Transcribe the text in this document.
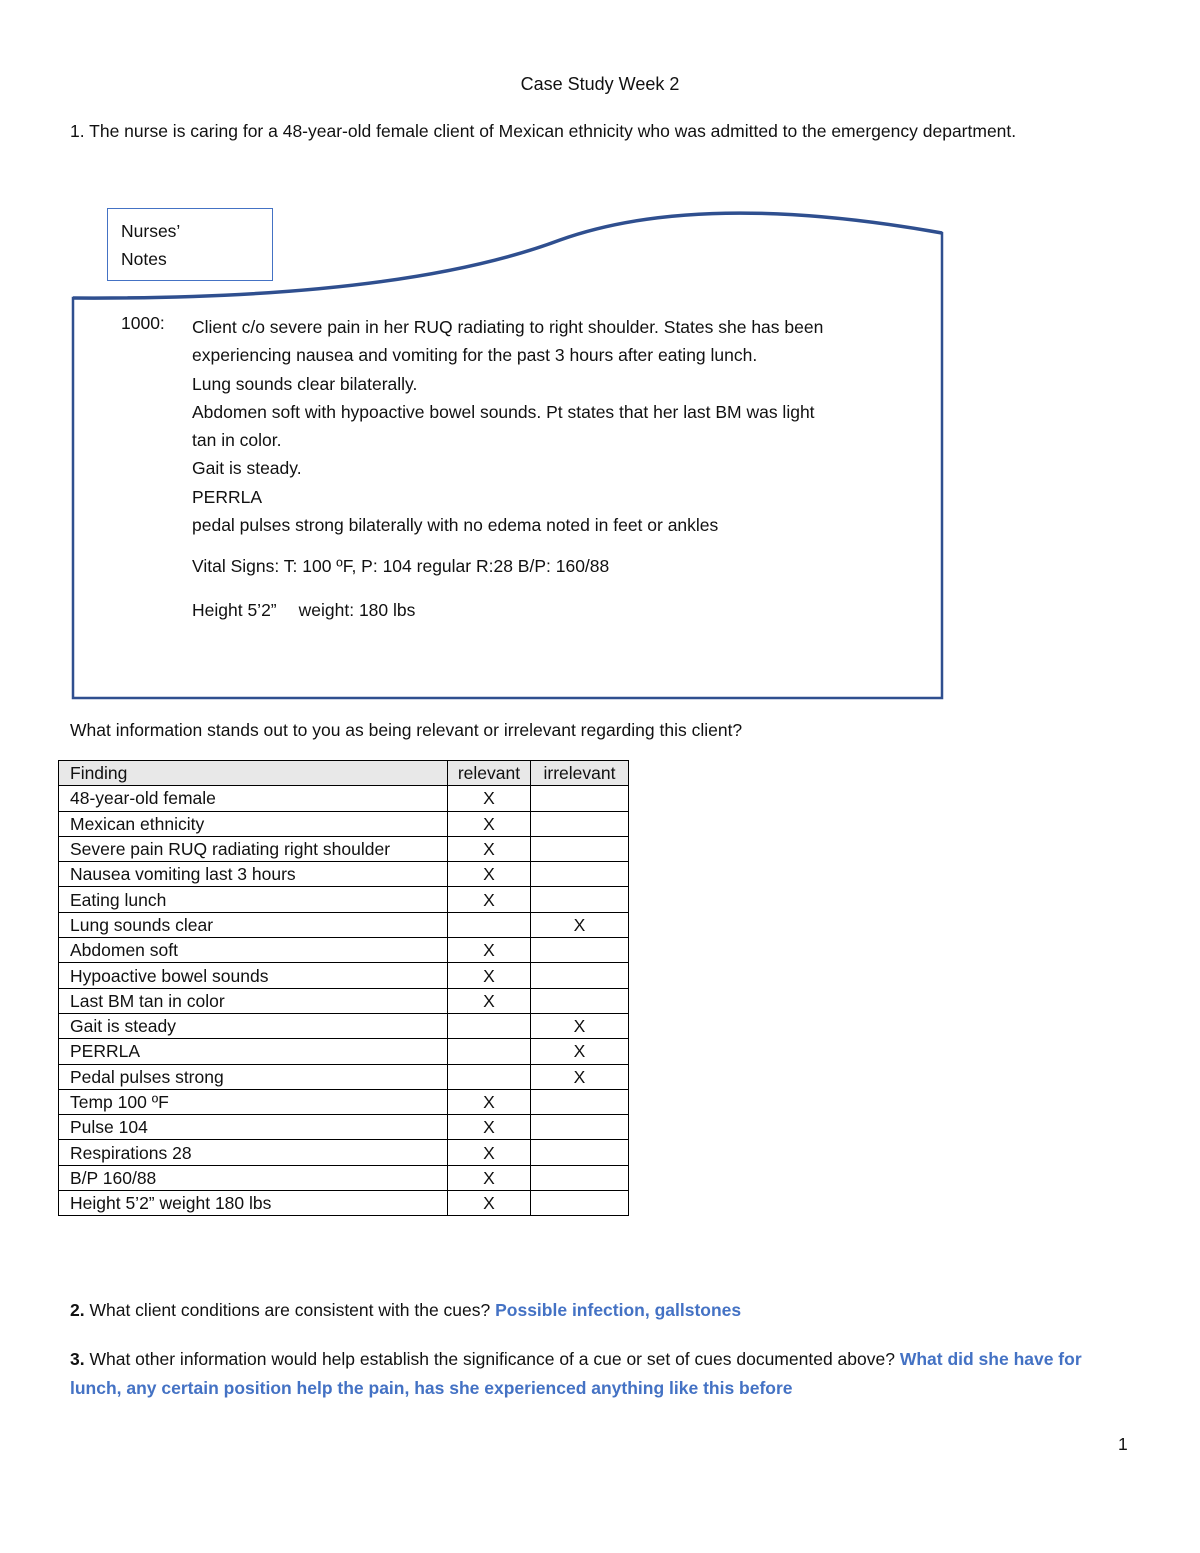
Case Study Week 2
1. The nurse is caring for a 48-year-old female client of Mexican ethnicity who was admitted to the emergency department.
Nurses’
Notes
1000: Client c/o severe pain in her RUQ radiating to right shoulder. States she has been
experiencing nausea and vomiting for the past 3 hours after eating lunch.
Lung sounds clear bilaterally.
Abdomen soft with hypoactive bowel sounds. Pt states that her last BM was light
tan in color.
Gait is steady.
PERRLA
pedal pulses strong bilaterally with no edema noted in feet or ankles
Vital Signs: T: 100 ºF, P: 104 regular R:28 B/P: 160/88
Height 5’2” weight: 180 lbs
What information stands out to you as being relevant or irrelevant regarding this client?
Finding	relevant	irrelevant
48-year-old female	X	
Mexican ethnicity	X	
Severe pain RUQ radiating right shoulder	X	
Nausea vomiting last 3 hours	X	
Eating lunch	X	
Lung sounds clear		X
Abdomen soft	X	
Hypoactive bowel sounds	X	
Last BM tan in color	X	
Gait is steady		X
PERRLA		X
Pedal pulses strong		X
Temp 100 ºF	X	
Pulse 104	X	
Respirations 28	X	
B/P 160/88	X	
Height 5’2” weight 180 lbs	X	
2. What client conditions are consistent with the cues? Possible infection, gallstones
3. What other information would help establish the significance of a cue or set of cues documented above? What did she have for lunch, any certain position help the pain, has she experienced anything like this before
1
